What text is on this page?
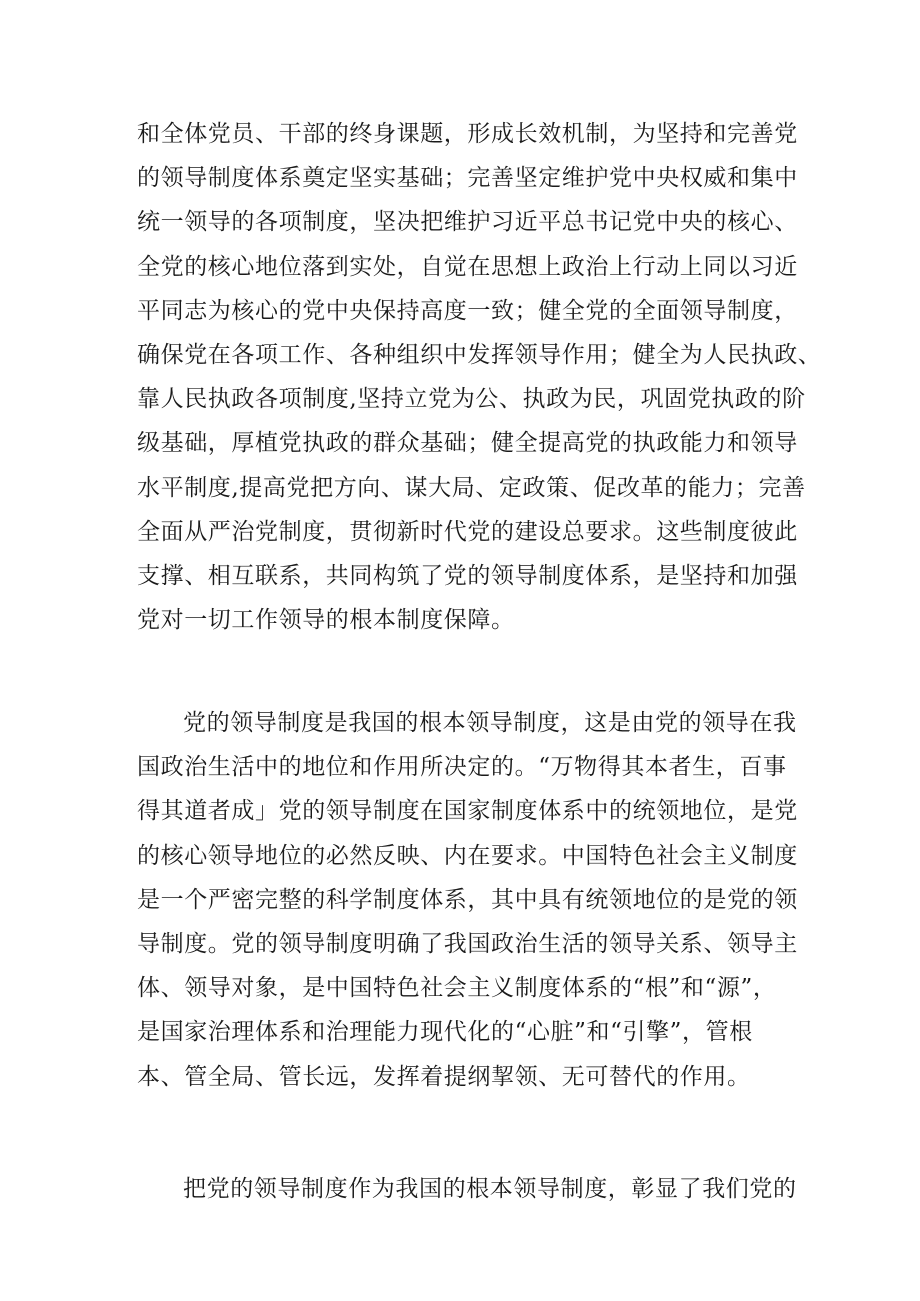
和全体党员、干部的终身课题，形成长效机制，为坚持和完善党
的领导制度体系奠定坚实基础；完善坚定维护党中央权威和集中
统一领导的各项制度，坚决把维护习近平总书记党中央的核心、
全党的核心地位落到实处，自觉在思想上政治上行动上同以习近
平同志为核心的党中央保持高度一致；健全党的全面领导制度，
确保党在各项工作、各种组织中发挥领导作用；健全为人民执政、
靠人民执政各项制度,坚持立党为公、执政为民，巩固党执政的阶
级基础，厚植党执政的群众基础；健全提高党的执政能力和领导
水平制度,提高党把方向、谋大局、定政策、促改革的能力；完善
全面从严治党制度，贯彻新时代党的建设总要求。这些制度彼此
支撑、相互联系，共同构筑了党的领导制度体系，是坚持和加强
党对一切工作领导的根本制度保障。
党的领导制度是我国的根本领导制度，这是由党的领导在我
国政治生活中的地位和作用所决定的。“万物得其本者生，百事
得其道者成」党的领导制度在国家制度体系中的统领地位，是党
的核心领导地位的必然反映、内在要求。中国特色社会主义制度
是一个严密完整的科学制度体系，其中具有统领地位的是党的领
导制度。党的领导制度明确了我国政治生活的领导关系、领导主
体、领导对象，是中国特色社会主义制度体系的“根”和“源”，
是国家治理体系和治理能力现代化的“心脏”和“引擎”，管根
本、管全局、管长远，发挥着提纲挈领、无可替代的作用。
把党的领导制度作为我国的根本领导制度，彰显了我们党的
